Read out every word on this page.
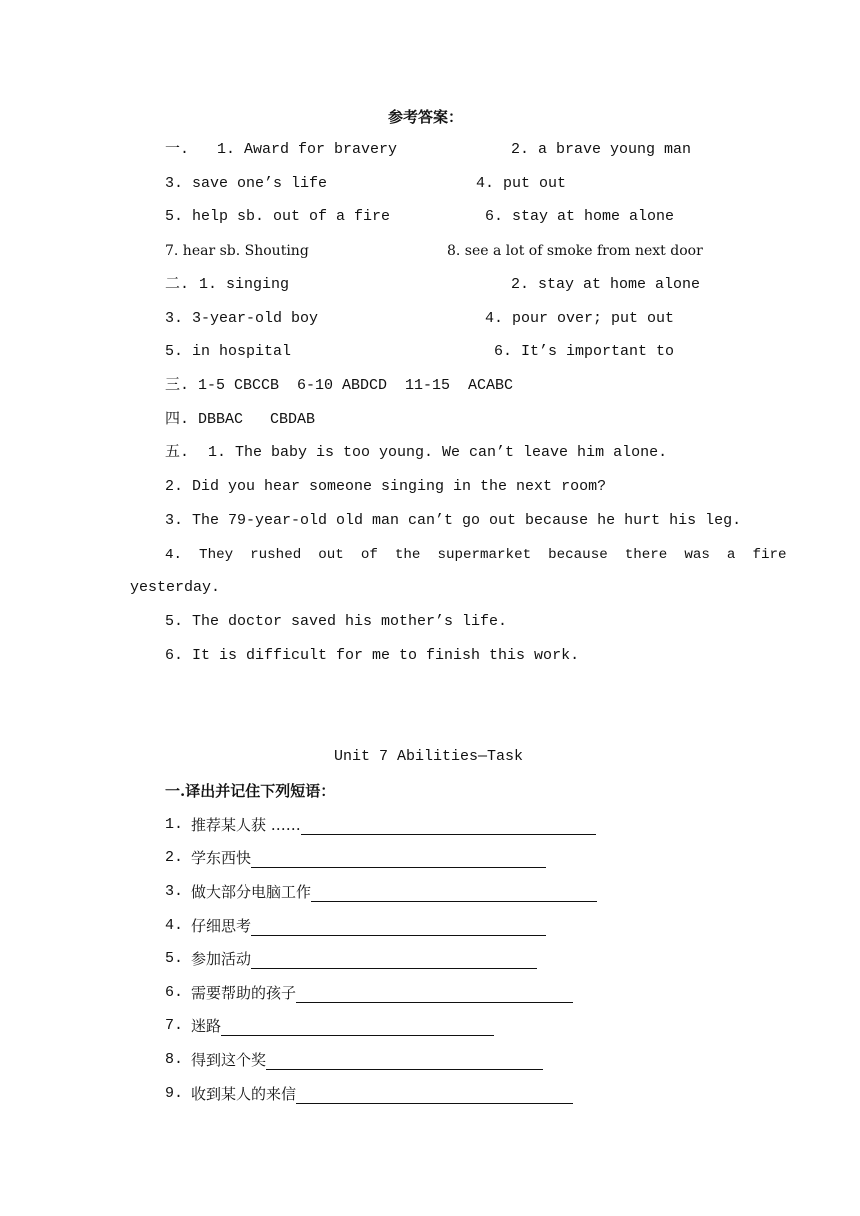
参考答案：
一. 1. Award for bravery	2. a brave young man
3. save one’s life	4. put out
5. help sb. out of a fire	6. stay at home alone
7. hear sb. Shouting	8. see a lot of smoke from next door
二. 1. singing	2. stay at home alone
3. 3-year-old boy	4. pour over; put out
5. in hospital	6. It’s important to
三. 1-5 CBCCB  6-10 ABDCD  11-15  ACABC
四. DBBAC   CBDAB
五. 1. The baby is too young. We can’t leave him alone.
2. Did you hear someone singing in the next room?
3. The 79-year-old old man can’t go out because he hurt his leg.
4.  They  rushed  out  of  the  supermarket  because  there  was  a  fire
yesterday.
5. The doctor saved his mother’s life.
6. It is difficult for me to finish this work.
Unit 7 Abilities—Task
一.译出并记住下列短语：
1. 推荐某人获 ……
2. 学东西快
3. 做大部分电脑工作
4. 仔细思考
5. 参加活动
6. 需要帮助的孩子
7. 迷路
8. 得到这个奖
9. 收到某人的来信
